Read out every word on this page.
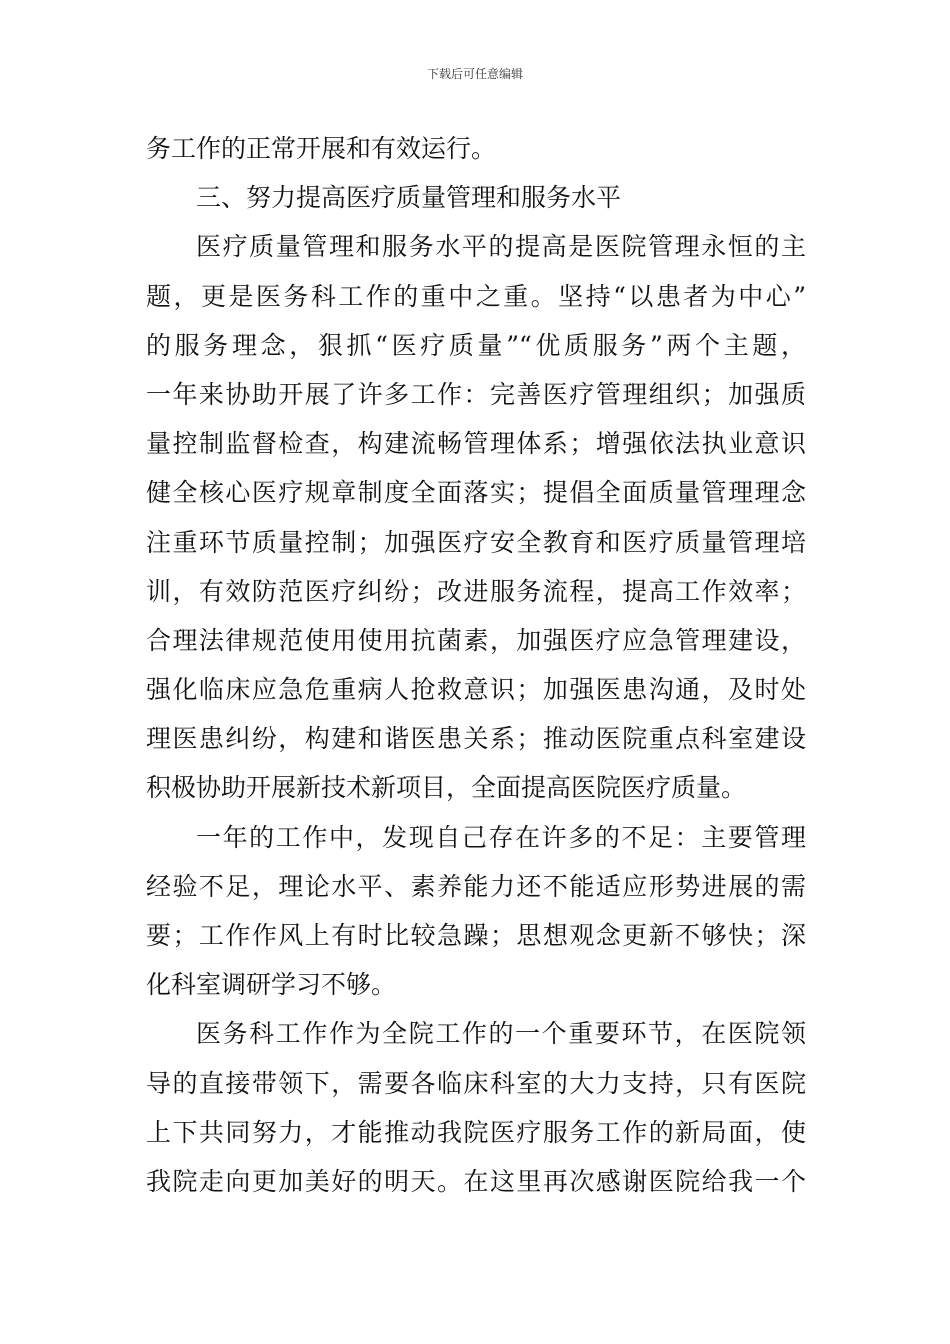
下载后可任意编辑
务工作的正常开展和有效运行。
三、努力提高医疗质量管理和服务水平
医疗质量管理和服务水平的提高是医院管理永恒的主
题，更是医务科工作的重中之重。坚持“以患者为中心”
的服务理念，狠抓“医疗质量”“优质服务”两个主题，
一年来协助开展了许多工作：完善医疗管理组织；加强质
量控制监督检查，构建流畅管理体系；增强依法执业意识
健全核心医疗规章制度全面落实；提倡全面质量管理理念
注重环节质量控制；加强医疗安全教育和医疗质量管理培
训，有效防范医疗纠纷；改进服务流程，提高工作效率；
合理法律规范使用使用抗菌素，加强医疗应急管理建设，
强化临床应急危重病人抢救意识；加强医患沟通，及时处
理医患纠纷，构建和谐医患关系；推动医院重点科室建设
积极协助开展新技术新项目，全面提高医院医疗质量。
一年的工作中，发现自己存在许多的不足：主要管理
经验不足，理论水平、素养能力还不能适应形势进展的需
要；工作作风上有时比较急躁；思想观念更新不够快；深
化科室调研学习不够。
医务科工作作为全院工作的一个重要环节，在医院领
导的直接带领下，需要各临床科室的大力支持，只有医院
上下共同努力，才能推动我院医疗服务工作的新局面，使
我院走向更加美好的明天。在这里再次感谢医院给我一个
